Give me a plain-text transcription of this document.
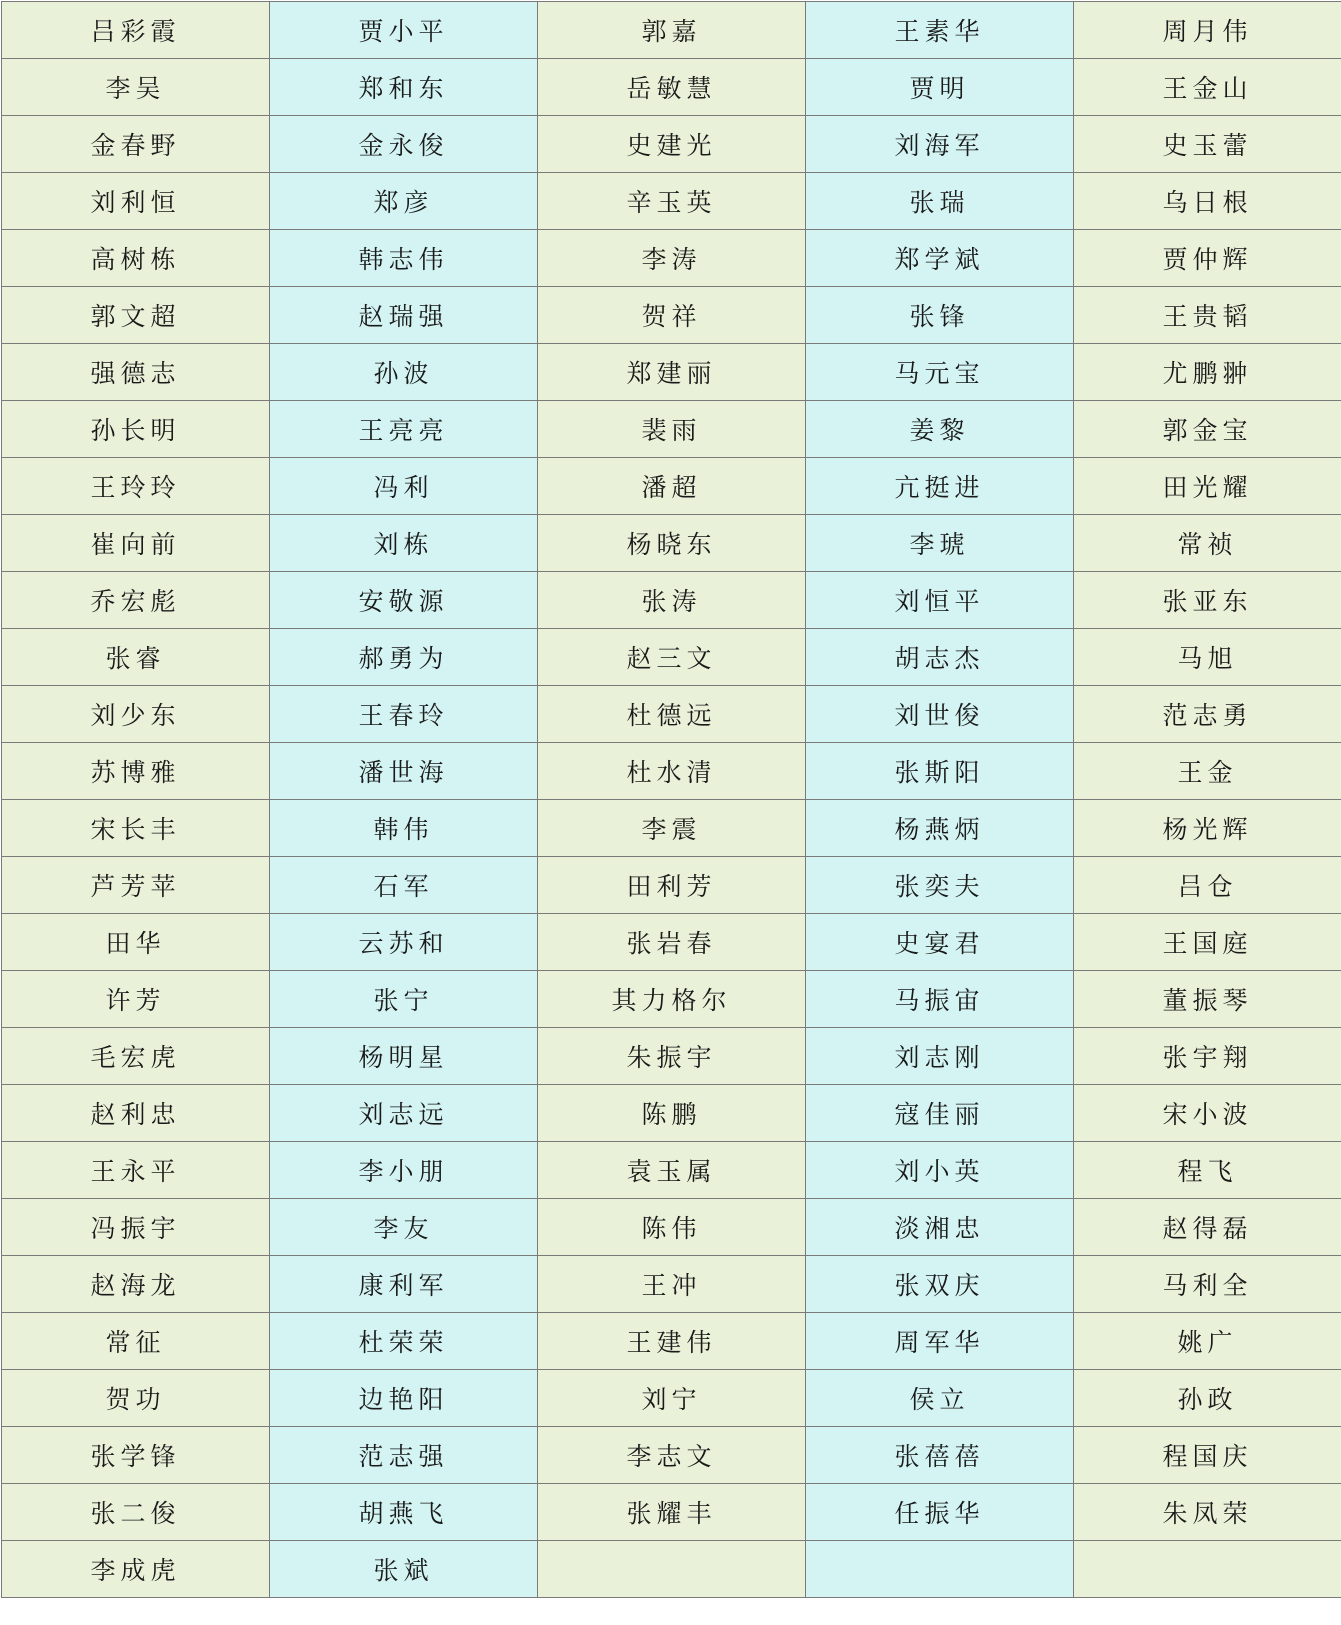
吕彩霞	贾小平	郭嘉	王素华	周月伟
李吴	郑和东	岳敏慧	贾明	王金山
金春野	金永俊	史建光	刘海军	史玉蕾
刘利恒	郑彦	辛玉英	张瑞	乌日根
高树栋	韩志伟	李涛	郑学斌	贾仲辉
郭文超	赵瑞强	贺祥	张锋	王贵韬
强德志	孙波	郑建丽	马元宝	尤鹏翀
孙长明	王亮亮	裴雨	姜黎	郭金宝
王玲玲	冯利	潘超	亢挺进	田光耀
崔向前	刘栋	杨晓东	李琥	常祯
乔宏彪	安敬源	张涛	刘恒平	张亚东
张睿	郝勇为	赵三文	胡志杰	马旭
刘少东	王春玲	杜德远	刘世俊	范志勇
苏博雅	潘世海	杜水清	张斯阳	王金
宋长丰	韩伟	李震	杨燕炳	杨光辉
芦芳苹	石军	田利芳	张奕夫	吕仓
田华	云苏和	张岩春	史宴君	王国庭
许芳	张宁	其力格尔	马振宙	董振琴
毛宏虎	杨明星	朱振宇	刘志刚	张宇翔
赵利忠	刘志远	陈鹏	寇佳丽	宋小波
王永平	李小朋	袁玉属	刘小英	程飞
冯振宇	李友	陈伟	淡湘忠	赵得磊
赵海龙	康利军	王冲	张双庆	马利全
常征	杜荣荣	王建伟	周军华	姚广
贺功	边艳阳	刘宁	侯立	孙政
张学锋	范志强	李志文	张蓓蓓	程国庆
张二俊	胡燕飞	张耀丰	任振华	朱凤荣
李成虎	张斌			
